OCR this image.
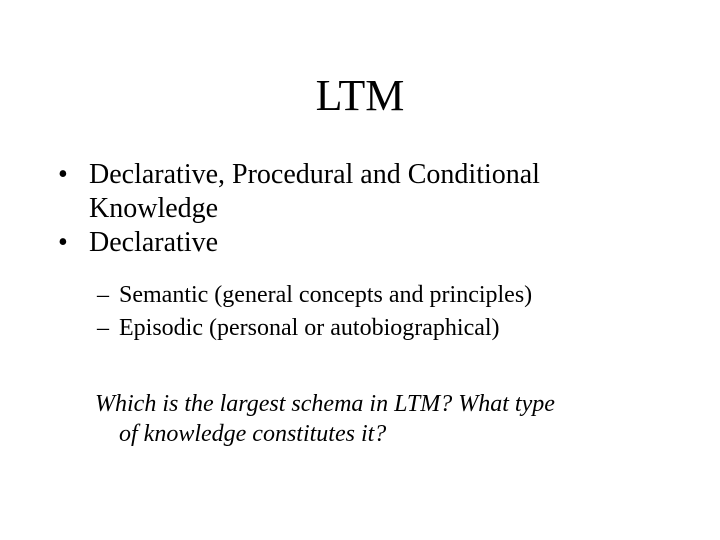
LTM
• Declarative, Procedural and Conditional
Knowledge
• Declarative
– Semantic (general concepts and principles)
– Episodic (personal or autobiographical)
Which is the largest schema in LTM? What type
of knowledge constitutes it?
